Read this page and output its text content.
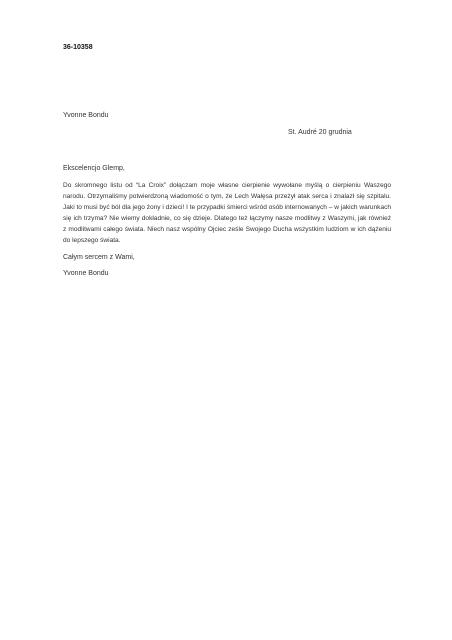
36-10358
Yvonne Bondu
St. Audré 20 grudnia
Ekscelencjo Glemp,
Do skromnego listu od “La Croix” dołączam moje własne cierpienie wywołane myślą o cierpieniu Waszego narodu. Otrzymaliśmy potwierdzoną wiadomość o tym, że Lech Wałęsa przeżył atak serca i znalazł się szpitalu. Jaki to musi być ból dla jego żony i dzieci! I te przypadki śmierci wśród osób internowanych – w jakich warunkach się ich trzyma? Nie wiemy dokładnie, co się dzieje. Dlatego też łączymy nasze modlitwy z Waszymi, jak również z modlitwami całego świata. Niech nasz wspólny Ojciec ześle Swojego Ducha wszystkim ludziom w ich dążeniu do lepszego świata.
Całym sercem z Wami,
Yvonne Bondu
